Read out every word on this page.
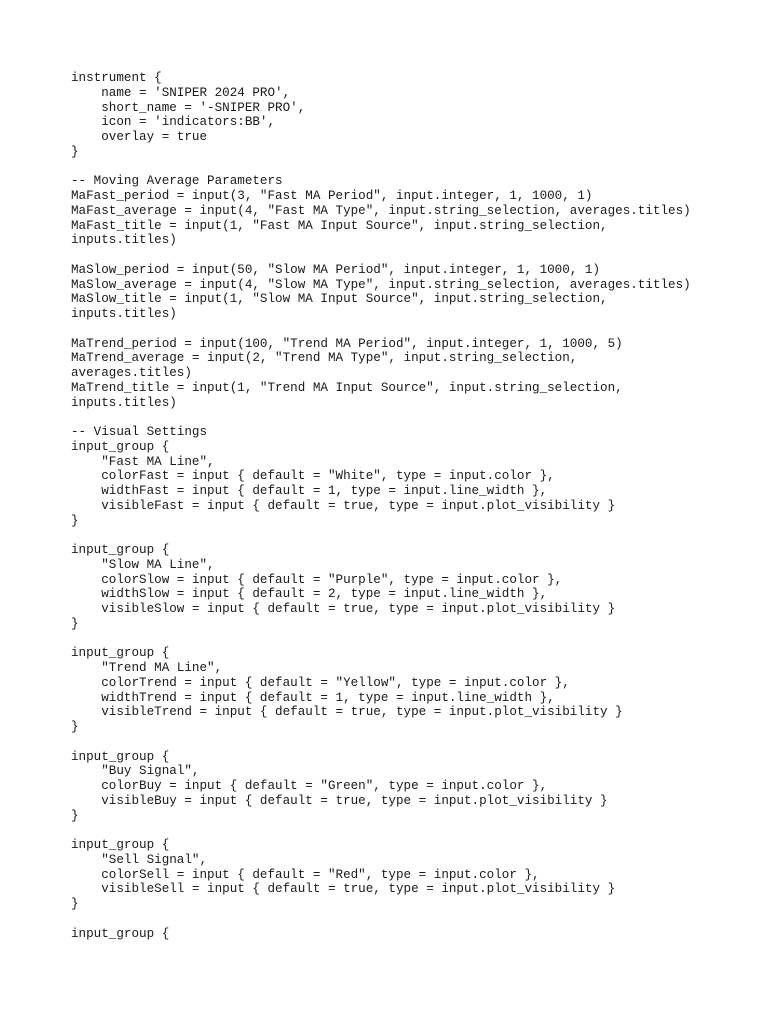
instrument {
name = 'SNIPER 2024 PRO',
short_name = '-SNIPER PRO',
icon = 'indicators:BB',
overlay = true
}
-- Moving Average Parameters
MaFast_period = input(3, "Fast MA Period", input.integer, 1, 1000, 1)
MaFast_average = input(4, "Fast MA Type", input.string_selection, averages.titles)
MaFast_title = input(1, "Fast MA Input Source", input.string_selection,
inputs.titles)
MaSlow_period = input(50, "Slow MA Period", input.integer, 1, 1000, 1)
MaSlow_average = input(4, "Slow MA Type", input.string_selection, averages.titles)
MaSlow_title = input(1, "Slow MA Input Source", input.string_selection,
inputs.titles)
MaTrend_period = input(100, "Trend MA Period", input.integer, 1, 1000, 5)
MaTrend_average = input(2, "Trend MA Type", input.string_selection,
averages.titles)
MaTrend_title = input(1, "Trend MA Input Source", input.string_selection,
inputs.titles)
-- Visual Settings
input_group {
"Fast MA Line",
colorFast = input { default = "White", type = input.color },
widthFast = input { default = 1, type = input.line_width },
visibleFast = input { default = true, type = input.plot_visibility }
}
input_group {
"Slow MA Line",
colorSlow = input { default = "Purple", type = input.color },
widthSlow = input { default = 2, type = input.line_width },
visibleSlow = input { default = true, type = input.plot_visibility }
}
input_group {
"Trend MA Line",
colorTrend = input { default = "Yellow", type = input.color },
widthTrend = input { default = 1, type = input.line_width },
visibleTrend = input { default = true, type = input.plot_visibility }
}
input_group {
"Buy Signal",
colorBuy = input { default = "Green", type = input.color },
visibleBuy = input { default = true, type = input.plot_visibility }
}
input_group {
"Sell Signal",
colorSell = input { default = "Red", type = input.color },
visibleSell = input { default = true, type = input.plot_visibility }
}
input_group {
